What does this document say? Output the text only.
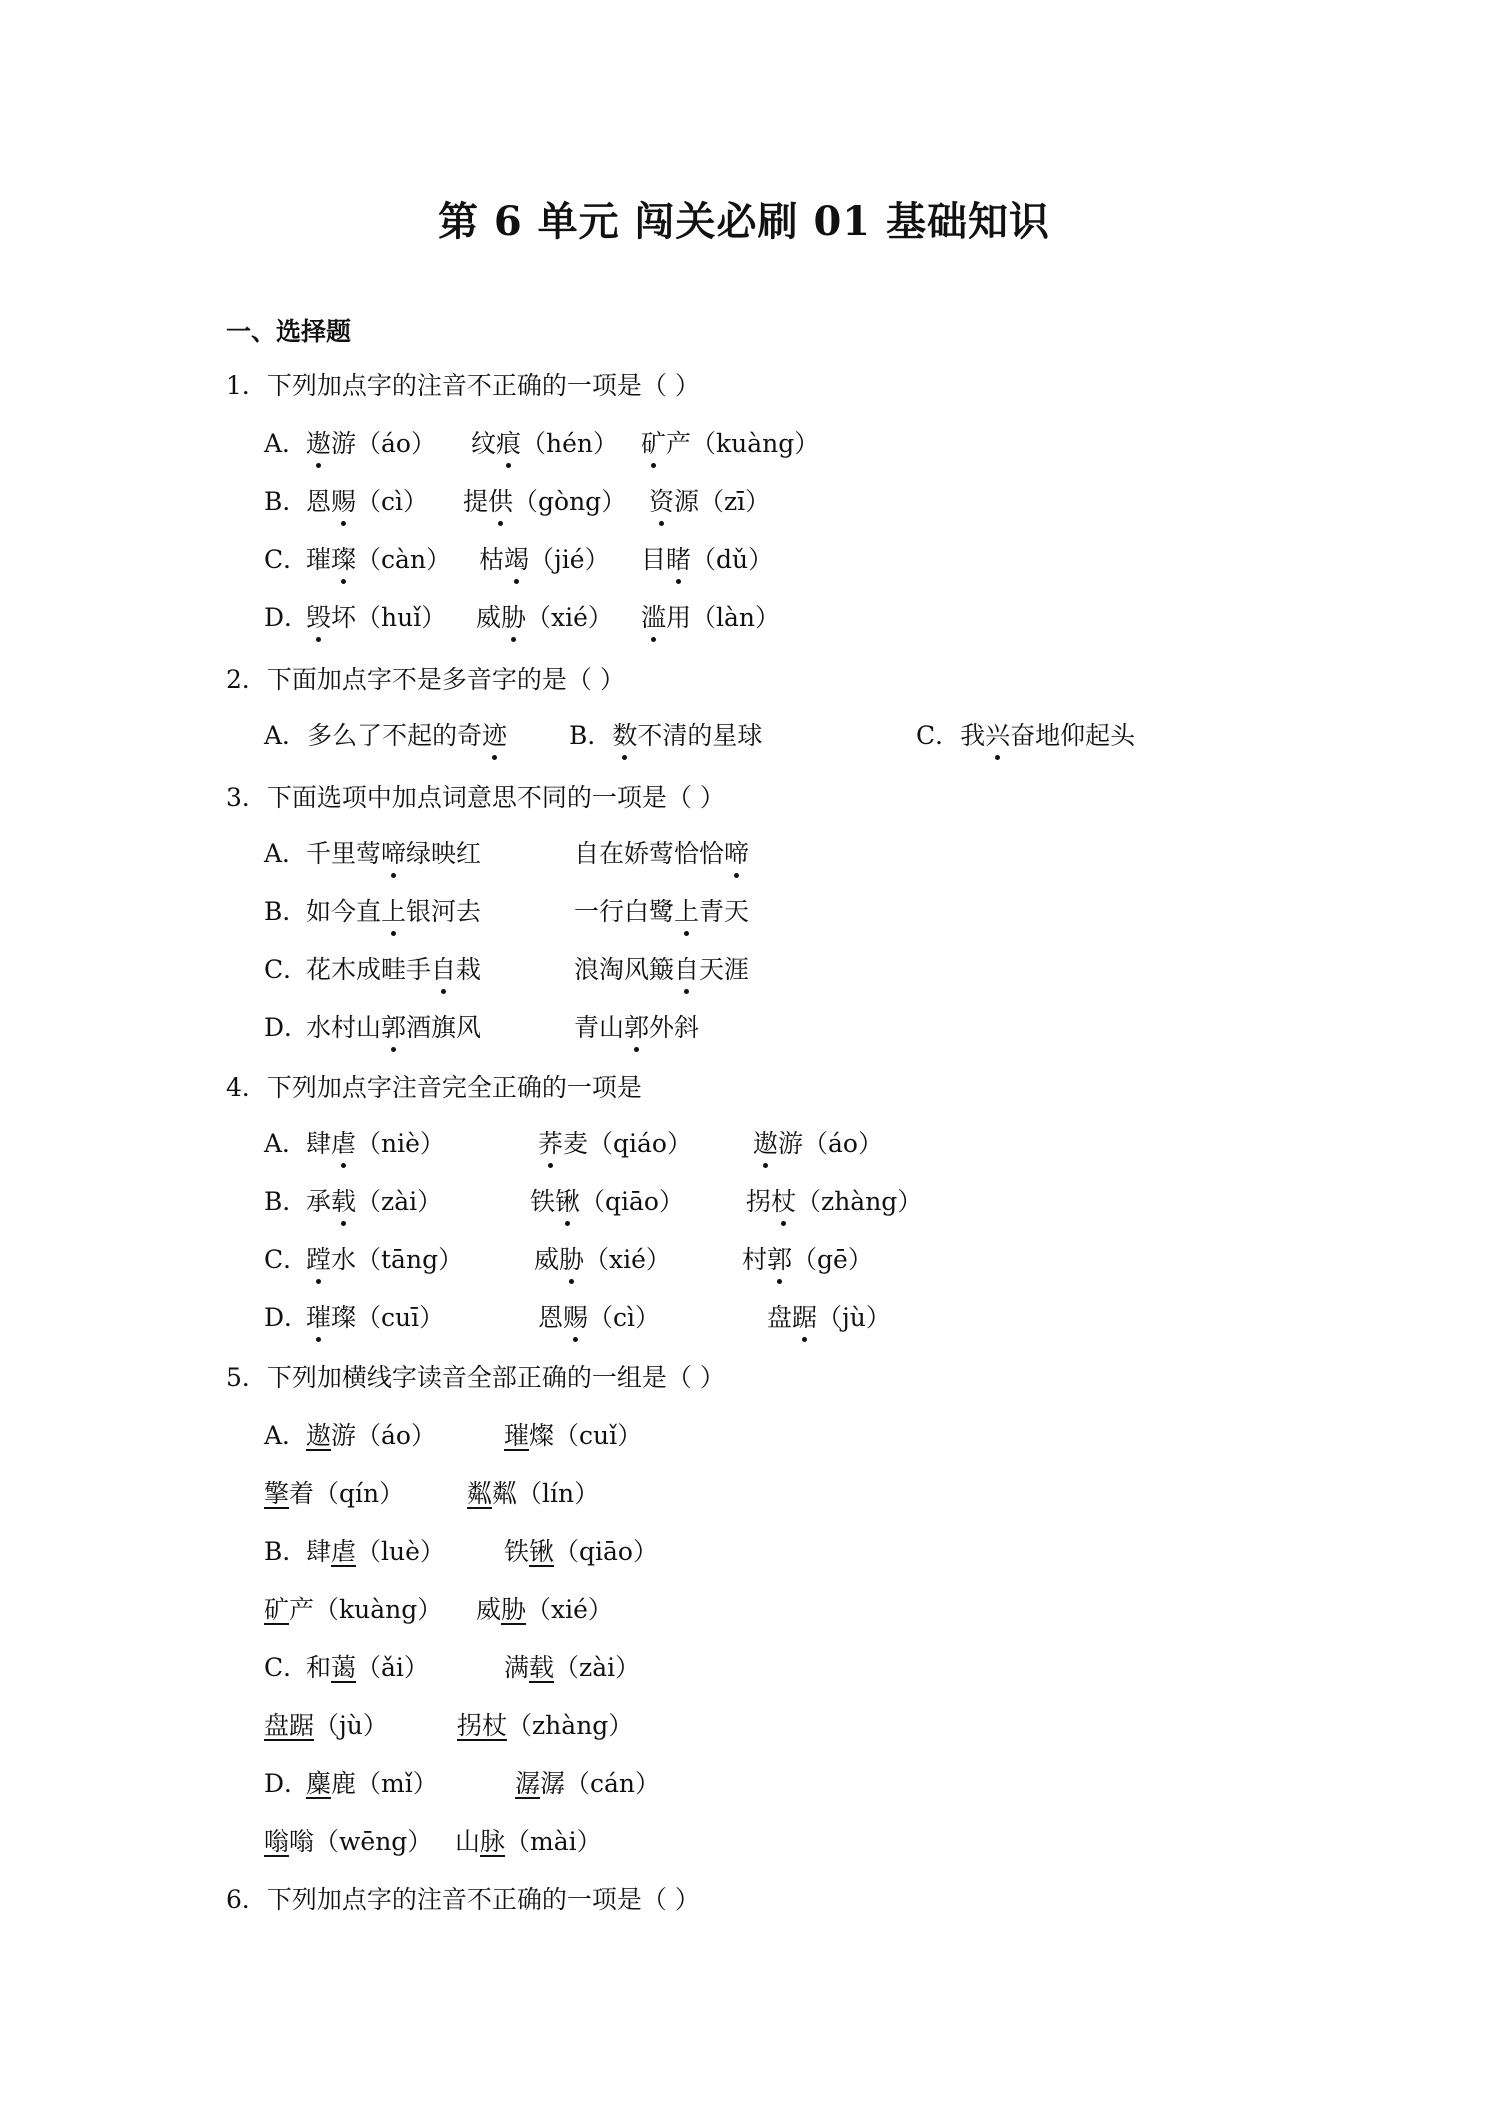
第 6 单元 闯关必刷 01 基础知识
一、选择题
1．下列加点字的注音不正确的一项是（ ）
A．
遨游（áo） 纹痕（hén） 矿产（kuàng）
B．
恩赐（cì） 提供（gòng） 资源（zī）
C．
璀璨（càn） 枯竭（jié） 目睹（dǔ）
D．
毁坏（huǐ） 威胁（xié） 滥用（làn）
2．下面加点字不是多音字的是（ ）
A．多么了不起的奇迹 B．数不清的星球	C．我兴奋地仰起头
3．下面选项中加点词意思不同的一项是（ ）
A．
千里莺啼绿映红	自在娇莺恰恰啼
B．
如今直上银河去	一行白鹭上青天
C．
花木成畦手自栽	浪淘风簸自天涯
D．
水村山郭酒旗风	青山郭外斜
4．下列加点字注音完全正确的一项是
A．
肆虐（niè）	荞麦（qiáo） 遨游（áo）
B．
承载（zài）	铁锹（qiāo） 拐杖（zhàng）
C．
蹚水（tāng）	威胁（xié）	村郭（gē）
D．
璀璨（cuī）	恩赐（cì）	盘踞（jù）
5．下列加横线字读音全部正确的一组是（ ）
A．
遨游（áo）	璀燦（cuǐ）
擎着（qín）	粼粼（lín）
B．
肆虐（luè） 铁锹（qiāo）
矿产（kuàng） 威胁（xié）
C．
和蔼（ǎi）	满载（zài）
盘踞（jù）	拐杖（zhàng）
D．
麋鹿（mǐ）	潺潺（cán）
嗡嗡（wēng） 山脉（mài）
6．下列加点字的注音不正确的一项是（ ）
